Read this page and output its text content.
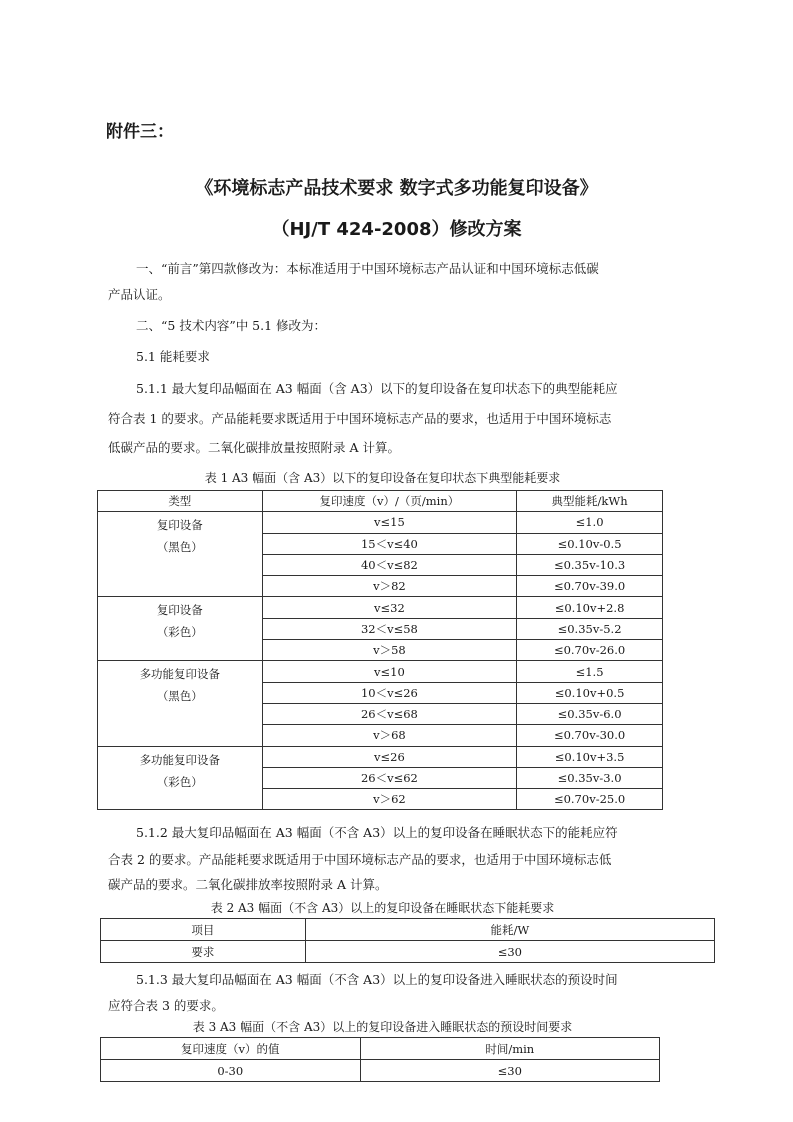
附件三：
《环境标志产品技术要求 数字式多功能复印设备》
（HJ/T 424-2008）修改方案
一、“前言”第四款修改为：本标准适用于中国环境标志产品认证和中国环境标志低碳
产品认证。
二、“5 技术内容”中 5.1 修改为：
5.1 能耗要求
5.1.1 最大复印品幅面在 A3 幅面（含 A3）以下的复印设备在复印状态下的典型能耗应
符合表 1 的要求。产品能耗要求既适用于中国环境标志产品的要求，也适用于中国环境标志
低碳产品的要求。二氧化碳排放量按照附录 A 计算。
表 1 A3 幅面（含 A3）以下的复印设备在复印状态下典型能耗要求
类型	复印速度（v）/（页/min）	典型能耗/kWh

复印设备
（黑色）	v≤15	≤1.0
	15＜v≤40	≤0.10v-0.5
	40＜v≤82	≤0.35v-10.3
	v＞82	≤0.70v-39.0

复印设备
（彩色）	v≤32	≤0.10v+2.8
	32＜v≤58	≤0.35v-5.2
	v＞58	≤0.70v-26.0

多功能复印设备
（黑色）	v≤10	≤1.5
	10＜v≤26	≤0.10v+0.5
	26＜v≤68	≤0.35v-6.0
	v＞68	≤0.70v-30.0

多功能复印设备
（彩色）	v≤26	≤0.10v+3.5
	26＜v≤62	≤0.35v-3.0
	v＞62	≤0.70v-25.0
5.1.2 最大复印品幅面在 A3 幅面（不含 A3）以上的复印设备在睡眠状态下的能耗应符
合表 2 的要求。产品能耗要求既适用于中国环境标志产品的要求，也适用于中国环境标志低
碳产品的要求。二氧化碳排放率按照附录 A 计算。
表 2 A3 幅面（不含 A3）以上的复印设备在睡眠状态下能耗要求
项目	能耗/W
要求	≤30
5.1.3 最大复印品幅面在 A3 幅面（不含 A3）以上的复印设备进入睡眠状态的预设时间
应符合表 3 的要求。
表 3 A3 幅面（不含 A3）以上的复印设备进入睡眠状态的预设时间要求
复印速度（v）的值	时间/min
0-30	≤30
